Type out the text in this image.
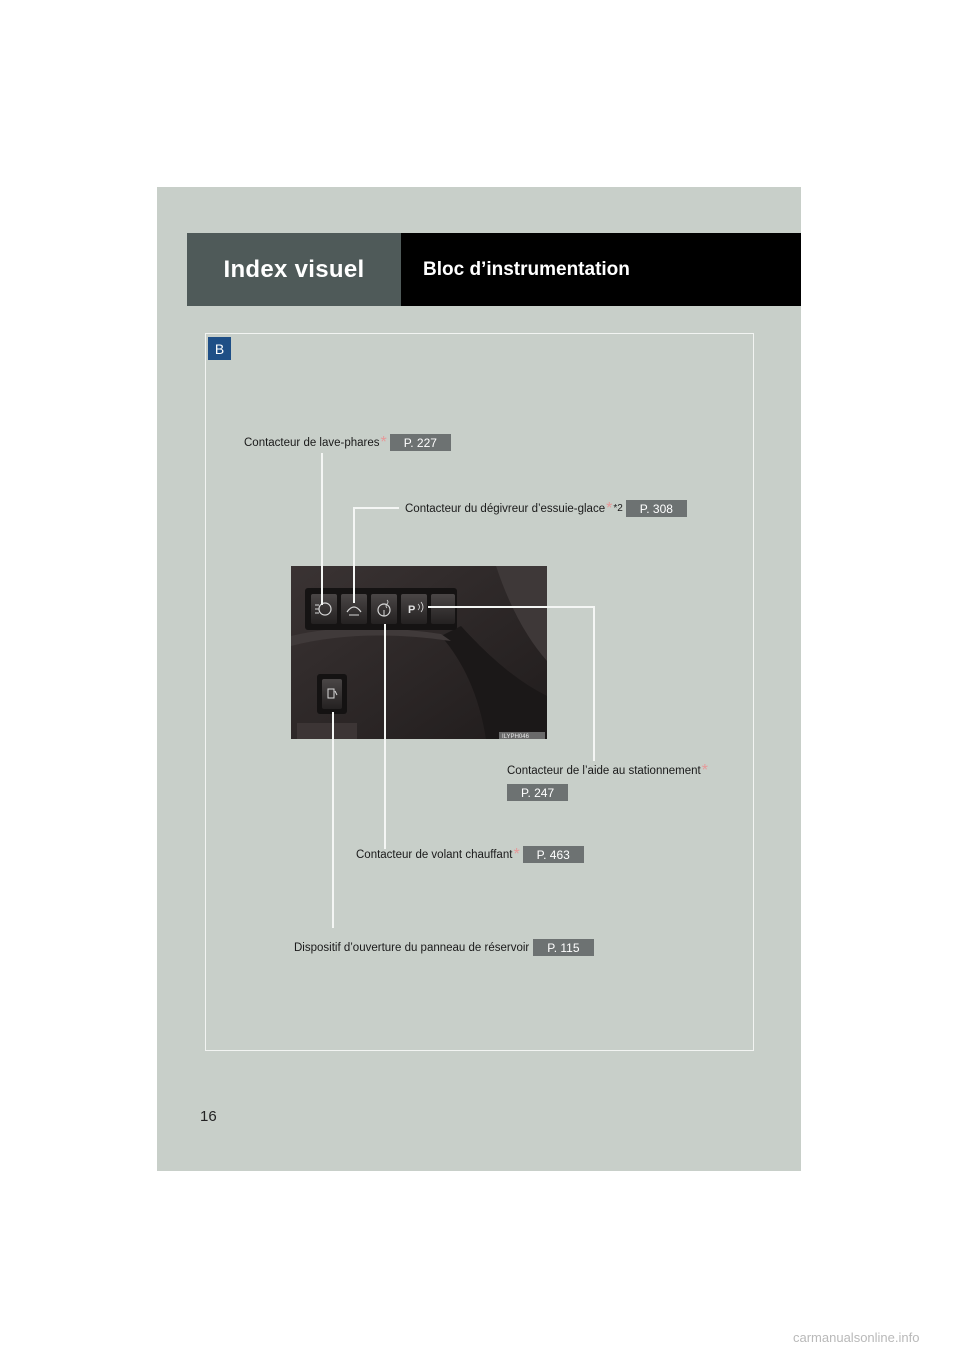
Index visuel	Bloc d’instrumentation
B
P
ILYPH046
Contacteur de lave-phares *	P. 227
Contacteur du dégivreur d’essuie-glace * *2	P. 308
Contacteur de l’aide au stationnement *
P. 247
Contacteur de volant chauffant *	P. 463
Dispositif d’ouverture du panneau de réservoir	P. 115
16
carmanualsonline.info
